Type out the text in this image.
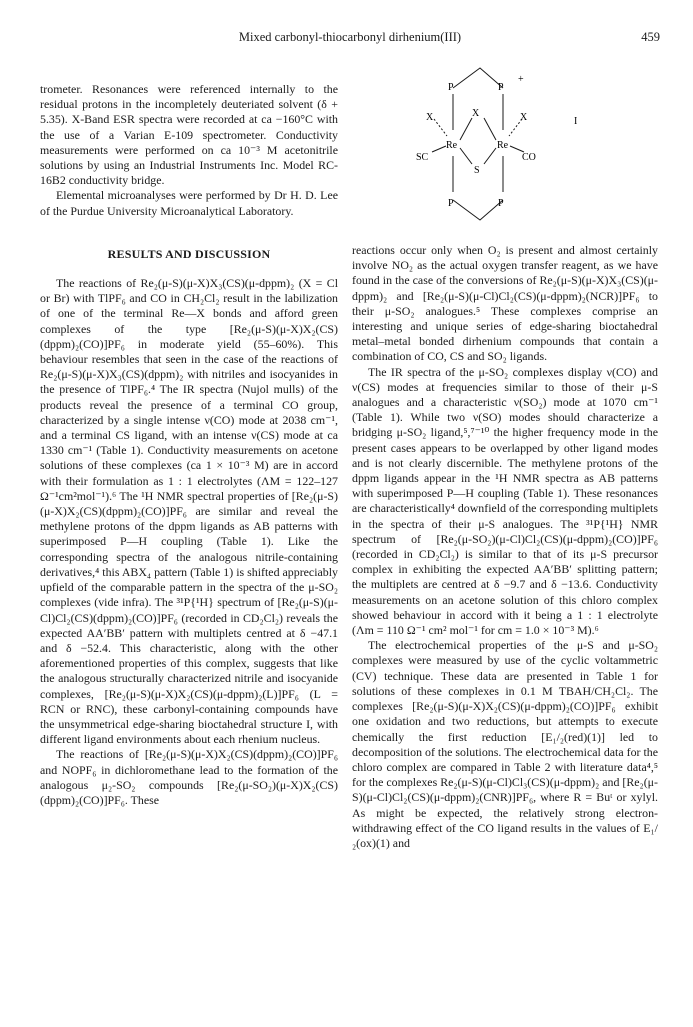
Mixed carbonyl-thiocarbonyl dirhenium(III)	459
P	P
P	P
+
I
X	X	X
Re	Re
S
SC	CO

trometer. Resonances were referenced internally to the residual protons in the incompletely deuteriated solvent (δ + 5.35). X-Band ESR spectra were recorded at ca −160°C with the use of a Varian E-109 spectrometer. Conductivity measurements were performed on ca 10⁻³ M acetonitrile solutions by using an Industrial Instruments Inc. Model RC-16B2 conductivity bridge.

Elemental microanalyses were performed by Dr H. D. Lee of the Purdue University Microanalytical Laboratory.

RESULTS AND DISCUSSION

The reactions of Re₂(μ-S)(μ-X)X₃(CS)(μ-dppm)₂ (X = Cl or Br) with TlPF₆ and CO in CH₂Cl₂ result in the labilization of one of the terminal Re—X bonds and afford green complexes of the type [Re₂(μ-S)(μ-X)X₂(CS)(dppm)₂(CO)]PF₆ in moderate yield (55–60%). This behaviour resembles that seen in the case of the reactions of Re₂(μ-S)(μ-X)X₃(CS)(dppm)₂ with nitriles and isocyanides in the presence of TlPF₆.⁴ The IR spectra (Nujol mulls) of the products reveal the presence of a terminal CO group, characterized by a single intense ν(CO) mode at 2038 cm⁻¹, and a terminal CS ligand, with an intense ν(CS) mode at ca 1330 cm⁻¹ (Table 1). Conductivity measurements on acetone solutions of these complexes (ca 1 × 10⁻³ M) are in accord with their formulation as 1 : 1 electrolytes (ΛM = 122–127 Ω⁻¹cm²mol⁻¹).⁶ The ¹H NMR spectral properties of [Re₂(μ-S)(μ-X)X₂(CS)(dppm)₂(CO)]PF₆ are similar and reveal the methylene protons of the dppm ligands as AB patterns with superimposed P—H coupling (Table 1). Like the corresponding spectra of the analogous nitrile-containing derivatives,⁴ this ABX₄ pattern (Table 1) is shifted appreciably upfield of the comparable pattern in the spectra of the μ-SO₂ complexes (vide infra). The ³¹P{¹H} spectrum of [Re₂(μ-S)(μ-Cl)Cl₂(CS)(dppm)₂(CO)]PF₆ (recorded in CD₂Cl₂) reveals the expected AA′BB′ pattern with multiplets centred at δ −47.1 and δ −52.4. This characteristic, along with the other aforementioned properties of this complex, suggests that like the analogous structurally characterized nitrile and isocyanide complexes, [Re₂(μ-S)(μ-X)X₂(CS)(μ-dppm)₂(L)]PF₆ (L = RCN or RNC), these carbonyl-containing compounds have the unsymmetrical edge-sharing bioctahedral structure I, with different ligand environments about each rhenium nucleus.

The reactions of [Re₂(μ-S)(μ-X)X₂(CS)(dppm)₂(CO)]PF₆ and NOPF₆ in dichloromethane lead to the formation of the analogous μ₂-SO₂ compounds [Re₂(μ-SO₂)(μ-X)X₂(CS)(dppm)₂(CO)]PF₆. These

reactions occur only when O₂ is present and almost certainly involve NO₂ as the actual oxygen transfer reagent, as we have found in the case of the conversions of Re₂(μ-S)(μ-X)X₃(CS)(μ-dppm)₂ and [Re₂(μ-S)(μ-Cl)Cl₂(CS)(μ-dppm)₂(NCR)]PF₆ to their μ-SO₂ analogues.⁵ These complexes comprise an interesting and unique series of edge-sharing bioctahedral metal–metal bonded dirhenium compounds that contain a combination of CO, CS and SO₂ ligands.

The IR spectra of the μ-SO₂ complexes display ν(CO) and ν(CS) modes at frequencies similar to those of their μ-S analogues and a characteristic ν(SO₂) mode at 1070 cm⁻¹ (Table 1). While two ν(SO) modes should characterize a bridging μ-SO₂ ligand,⁵,⁷⁻¹⁰ the higher frequency mode in the present cases appears to be overlapped by other ligand modes and is not clearly discernible. The methylene protons of the dppm ligands appear in the ¹H NMR spectra as AB patterns with superimposed P—H coupling (Table 1). These resonances are characteristically⁴ downfield of the corresponding multiplets in the spectra of their μ-S analogues. The ³¹P{¹H} NMR spectrum of [Re₂(μ-SO₂)(μ-Cl)Cl₂(CS)(μ-dppm)₂(CO)]PF₆ (recorded in CD₂Cl₂) is similar to that of its μ-S precursor complex in exhibiting the expected AA′BB′ splitting pattern; the multiplets are centred at δ −9.7 and δ −13.6. Conductivity measurements on an acetone solution of this chloro complex showed behaviour in accord with it being a 1 : 1 electrolyte (Λm = 110 Ω⁻¹ cm² mol⁻¹ for cm = 1.0 × 10⁻³ M).⁶

The electrochemical properties of the μ-S and μ-SO₂ complexes were measured by use of the cyclic voltammetric (CV) technique. These data are presented in Table 1 for solutions of these complexes in 0.1 M TBAH/CH₂Cl₂. The complexes [Re₂(μ-S)(μ-X)X₂(CS)(μ-dppm)₂(CO)]PF₆ exhibit one oxidation and two reductions, but attempts to execute chemically the first reduction [E₁/₂(red)(1)] led to decomposition of the solutions. The electrochemical data for the chloro complex are compared in Table 2 with literature data⁴,⁵ for the complexes Re₂(μ-S)(μ-Cl)Cl₃(CS)(μ-dppm)₂ and [Re₂(μ-S)(μ-Cl)Cl₂(CS)(μ-dppm)₂(CNR)]PF₆, where R = Buᵗ or xylyl. As might be expected, the relatively strong electron-withdrawing effect of the CO ligand results in the values of E₁/₂(ox)(1) and
